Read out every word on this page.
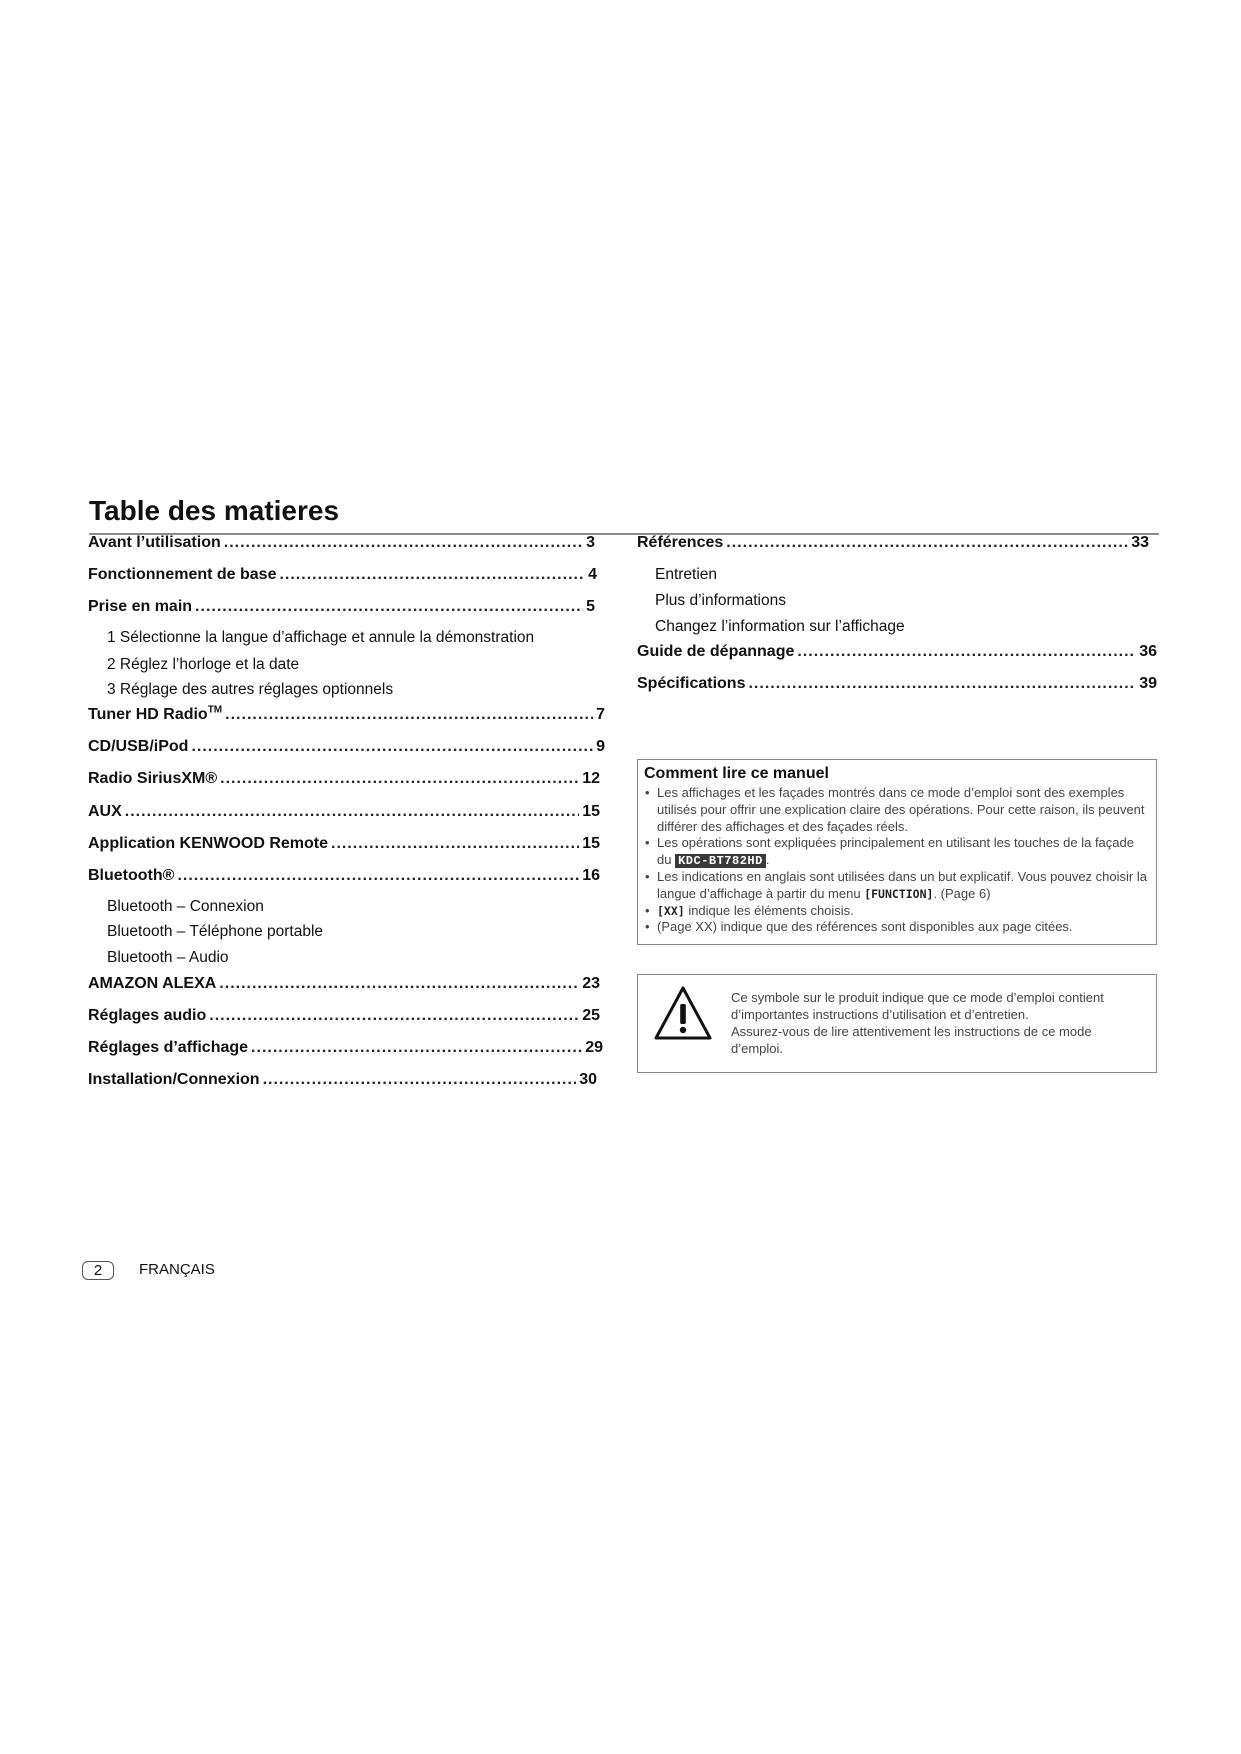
Table des matieres
Avant l’utilisation .....	3
Fonctionnement de base .....	4
Prise en main .....	5
1 Sélectionne la langue d’affichage et annule la démonstration
2 Réglez l’horloge et la date
3 Réglage des autres réglages optionnels
Tuner HD Radio™ .....	7
CD/USB/iPod .....	9
Radio SiriusXM® .....	12
AUX .....	15
Application KENWOOD Remote .....	15
Bluetooth® .....	16
Bluetooth – Connexion
Bluetooth – Téléphone portable
Bluetooth – Audio
AMAZON ALEXA .....	23
Réglages audio .....	25
Réglages d’affichage .....	29
Installation/Connexion .....	30
Références .....	33
Entretien
Plus d’informations
Changez l’information sur l’affichage
Guide de dépannage .....	36
Spécifications .....	39
Comment lire ce manuel
• Les affichages et les façades montrés dans ce mode d’emploi sont des exemples utilisés pour offrir une explication claire des opérations. Pour cette raison, ils peuvent différer des affichages et des façades réels.
• Les opérations sont expliquées principalement en utilisant les touches de la façade du KDC-BT782HD .
• Les indications en anglais sont utilisées dans un but explicatif. Vous pouvez choisir la langue d’affichage à partir du menu [FUNCTION]. (Page 6)
• [XX] indique les éléments choisis.
• (Page XX) indique que des références sont disponibles aux page citées.

Ce symbole sur le produit indique que ce mode d’emploi contient d’importantes instructions d’utilisation et d’entretien.

Assurez-vous de lire attentivement les instructions de ce mode d’emploi.

2	FRANÇAIS
